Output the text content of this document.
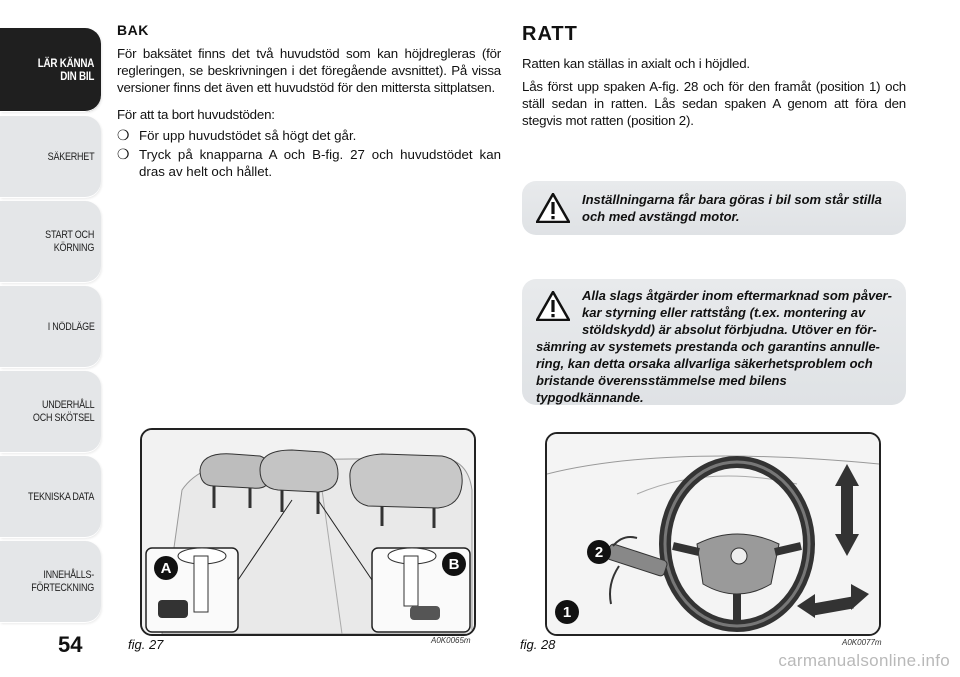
LÄR KÄNNA
DIN BIL
SÄKERHET
START OCH
KÖRNING
I NÖDLÄGE
UNDERHÅLL
OCH SKÖTSEL
TEKNISKA DATA
INNEHÅLLS-
FÖRTECKNING
54
BAK

För baksätet finns det två huvudstöd som kan höjdregleras (för regleringen, se beskrivningen i det föregående avsnittet). På vissa versioner finns det även ett huvudstöd för den mittersta sittplatsen.

För att ta bort huvudstöden:

❍ För upp huvudstödet så högt det går.
❍ Tryck på knapparna A och B-fig. 27 och huvudstödet kan dras av helt och hållet.
RATT

Ratten kan ställas in axialt och i höjdled.

Lås först upp spaken A-fig. 28 och för den framåt (position 1) och ställ sedan in ratten. Lås sedan spaken A genom att föra den stegvis mot ratten (position 2).

Inställningarna får bara göras i bil som står stilla och med avstängd motor.
Alla slags åtgärder inom eftermarknad som påver-kar styrning eller rattstång (t.ex. montering av stöldskydd) är absolut förbjudna. Utöver en för-
sämring av systemets prestanda och garantins annulle-ring, kan detta orsaka allvarliga säkerhetsproblem och bristande överensstämmelse med bilens typgodkännande.
A	B
fig. 27	A0K0065m
2
1
fig. 28	A0K0077m
carmanualsonline.info
